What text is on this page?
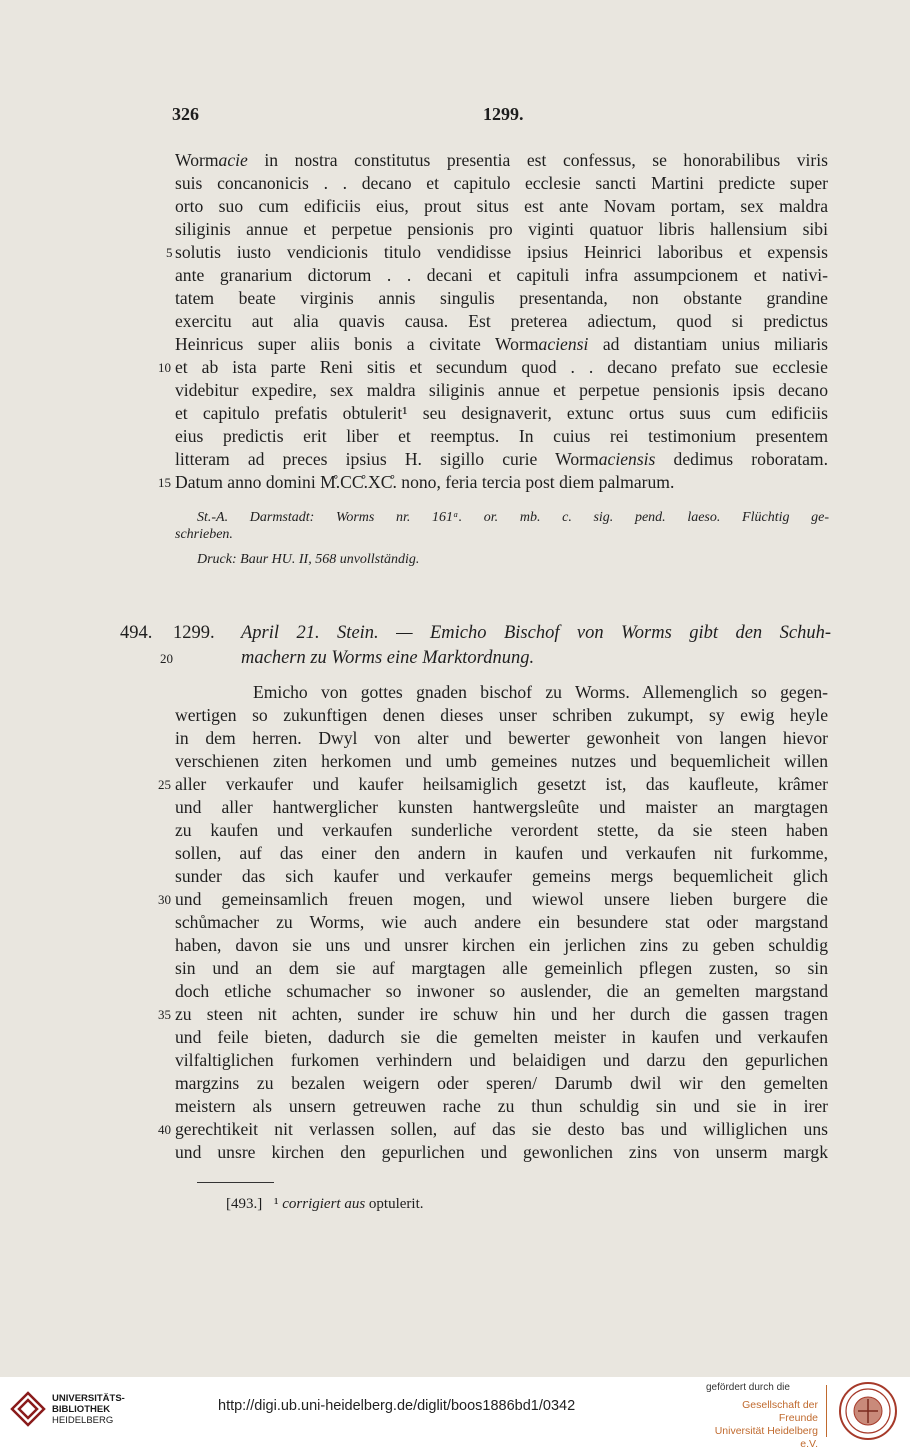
326	1299.
Wormacie in nostra constitutus presentia est confessus, se honorabilibus viris
suis concanonicis . . decano et capitulo ecclesie sancti Martini predicte super
orto suo cum edificiis eius, prout situs est ante Novam portam, sex maldra
siliginis annue et perpetue pensionis pro viginti quatuor libris hallensium sibi
5 solutis iusto vendicionis titulo vendidisse ipsius Heinrici laboribus et expensis
ante granarium dictorum . . decani et capituli infra assumpcionem et nativi-
tatem beate virginis annis singulis presentanda, non obstante grandine
exercitu aut alia quavis causa. Est preterea adiectum, quod si predictus
Heinricus super aliis bonis a civitate Wormaciensi ad distantiam unius miliaris
10 et ab ista parte Reni sitis et secundum quod . . decano prefato sue ecclesie
videbitur expedire, sex maldra siliginis annue et perpetue pensionis ipsis decano
et capitulo prefatis obtulerit¹ seu designaverit, extunc ortus suus cum edificiis
eius predictis erit liber et reemptus. In cuius rei testimonium presentem
litteram ad preces ipsius H. sigillo curie Wormaciensis dedimus roboratam.
15 Datum anno domini M̊.CC̊.XC̊. nono, feria tercia post diem palmarum.
St.-A. Darmstadt: Worms nr. 161ᵃ. or. mb. c. sig. pend. laeso. Flüchtig ge-
schrieben.
Druck: Baur HU. II, 568 unvollständig.
494. 1299. April 21. Stein. — Emicho Bischof von Worms gibt den Schuh-
20	machern zu Worms eine Marktordnung.
Emicho von gottes gnaden bischof zu Worms. Allemenglich so gegen-
wertigen so zukunftigen denen dieses unser schriben zukumpt, sy ewig heyle
in dem herren. Dwyl von alter und bewerter gewonheit von langen hievor
verschienen ziten herkomen und umb gemeines nutzes und bequemlicheit willen
25 aller verkaufer und kaufer heilsamiglich gesetzt ist, das kaufleute, krâmer
und aller hantwerglicher kunsten hantwergsleûte und maister an margtagen
zu kaufen und verkaufen sunderliche verordent stette, da sie steen haben
sollen, auf das einer den andern in kaufen und verkaufen nit furkomme,
sunder das sich kaufer und verkaufer gemeins mergs bequemlicheit glich
30 und gemeinsamlich freuen mogen, und wiewol unsere lieben burgere die
schůmacher zu Worms, wie auch andere ein besundere stat oder margstand
haben, davon sie uns und unsrer kirchen ein jerlichen zins zu geben schuldig
sin und an dem sie auf margtagen alle gemeinlich pflegen zusten, so sin
doch etliche schumacher so inwoner so auslender, die an gemelten margstand
35 zu steen nit achten, sunder ire schuw hin und her durch die gassen tragen
und feile bieten, dadurch sie die gemelten meister in kaufen und verkaufen
vilfaltiglichen furkomen verhindern und belaidigen und darzu den gepurlichen
margzins zu bezalen weigern oder speren/ Darumb dwil wir den gemelten
meistern als unsern getreuwen rache zu thun schuldig sin und sie in irer
40 gerechtikeit nit verlassen sollen, auf das sie desto bas und williglichen uns
und unsre kirchen den gepurlichen und gewonlichen zins von unserm margk
[493.] ¹ corrigiert aus optulerit.
UNIVERSITÄTS-
BIBLIOTHEK
HEIDELBERG
http://digi.ub.uni-heidelberg.de/diglit/boos1886bd1/0342
gefördert durch die
Gesellschaft der Freunde
Universität Heidelberg e.V.
